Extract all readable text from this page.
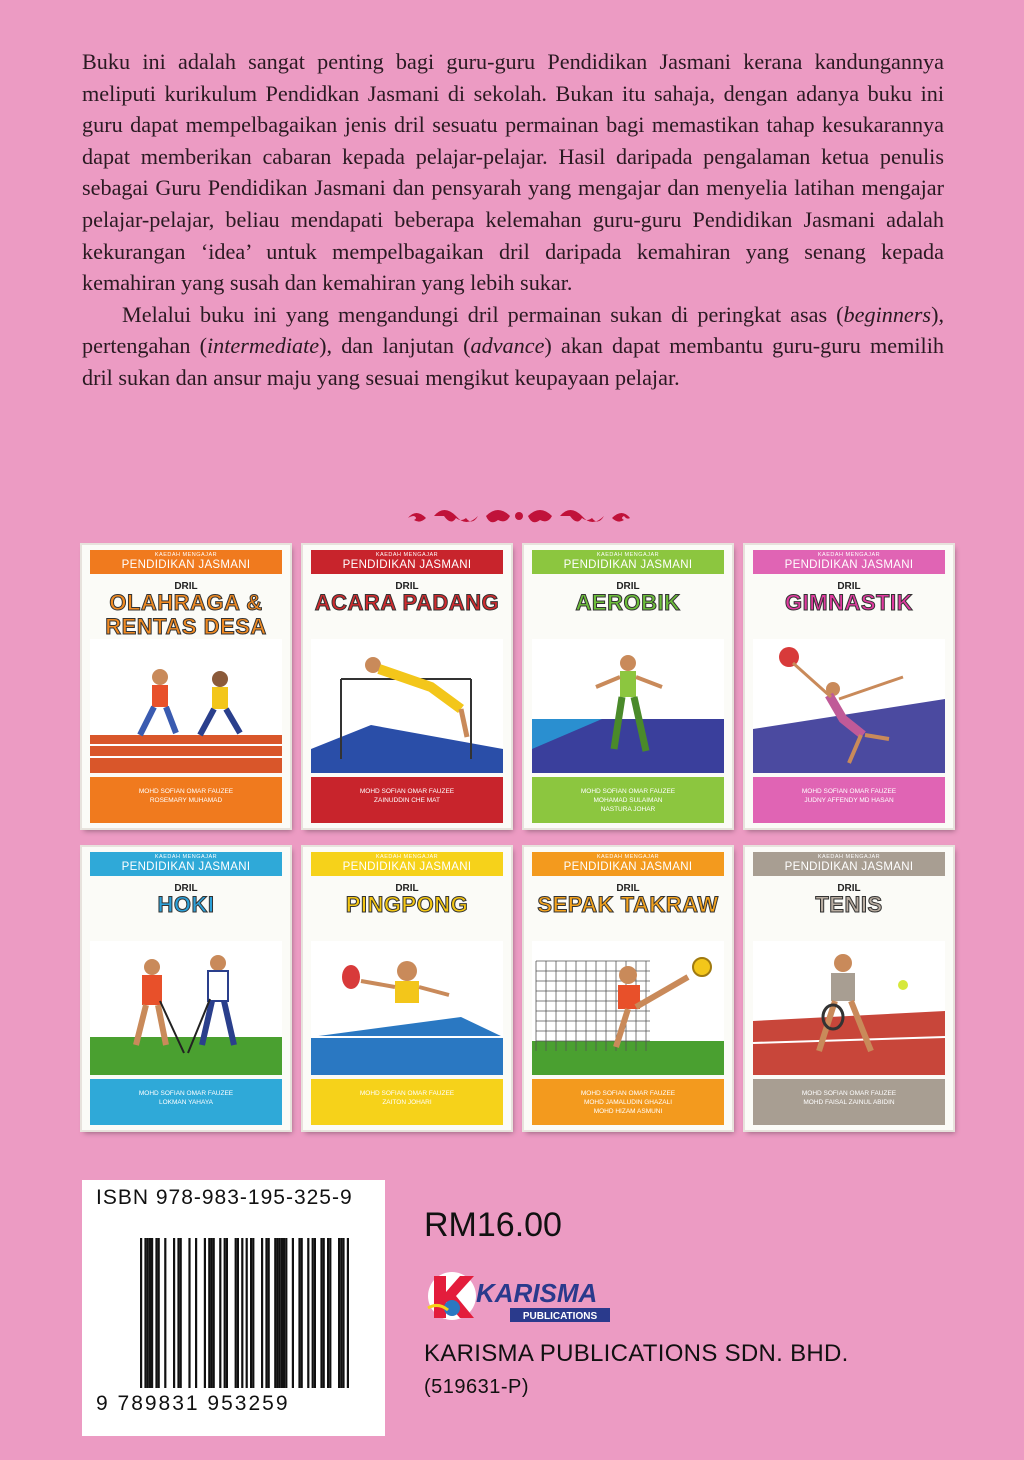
Buku ini adalah sangat penting bagi guru-guru Pendidikan Jasmani kerana kandungannya meliputi kurikulum Pendidkan Jasmani di sekolah. Bukan itu sahaja, dengan adanya buku ini guru dapat mempelbagaikan jenis dril sesuatu permainan bagi memastikan tahap kesukarannya dapat memberikan cabaran kepada pelajar-pelajar. Hasil daripada pengalaman ketua penulis sebagai Guru Pendidikan Jasmani dan pensyarah yang mengajar dan menyelia latihan mengajar pelajar-pelajar, beliau mendapati beberapa kelemahan guru-guru Pendidikan Jasmani adalah kekurangan ‘idea’ untuk mempelbagaikan dril daripada kemahiran yang senang kepada kemahiran yang susah dan kemahiran yang lebih sukar.

Melalui buku ini yang mengandungi dril permainan sukan di peringkat asas (beginners), pertengahan (intermediate), dan lanjutan (advance) akan dapat membantu guru-guru memilih dril sukan dan ansur maju yang sesuai mengikut keupayaan pelajar.

KAEDAH MENGAJAR
PENDIDIKAN JASMANI
DRIL
OLAHRAGA & RENTAS DESA
MOHD SOFIAN OMAR FAUZEE
ROSEMARY MUHAMAD
KAEDAH MENGAJAR
PENDIDIKAN JASMANI
DRIL
ACARA PADANG
MOHD SOFIAN OMAR FAUZEE
ZAINUDDIN CHE MAT
KAEDAH MENGAJAR
PENDIDIKAN JASMANI
DRIL
AEROBIK
MOHD SOFIAN OMAR FAUZEE
MOHAMAD SULAIMAN
NASTURA JOHAR
KAEDAH MENGAJAR
PENDIDIKAN JASMANI
DRIL
GIMNASTIK
MOHD SOFIAN OMAR FAUZEE
JUDNY AFFENDY MD HASAN
KAEDAH MENGAJAR
PENDIDIKAN JASMANI
DRIL
HOKI
MOHD SOFIAN OMAR FAUZEE
LOKMAN YAHAYA
KAEDAH MENGAJAR
PENDIDIKAN JASMANI
DRIL
PINGPONG
MOHD SOFIAN OMAR FAUZEE
ZAITON JOHARI
KAEDAH MENGAJAR
PENDIDIKAN JASMANI
DRIL
SEPAK TAKRAW
MOHD SOFIAN OMAR FAUZEE
MOHD JAMALUDIN GHAZALI
MOHD HIZAM ASMUNI
KAEDAH MENGAJAR
PENDIDIKAN JASMANI
DRIL
TENIS
MOHD SOFIAN OMAR FAUZEE
MOHD FAISAL ZAINUL ABIDIN
ISBN 978-983-195-325-9
9 789831 953259
RM16.00
KARISMA
PUBLICATIONS
KARISMA PUBLICATIONS SDN. BHD.
(519631-P)
